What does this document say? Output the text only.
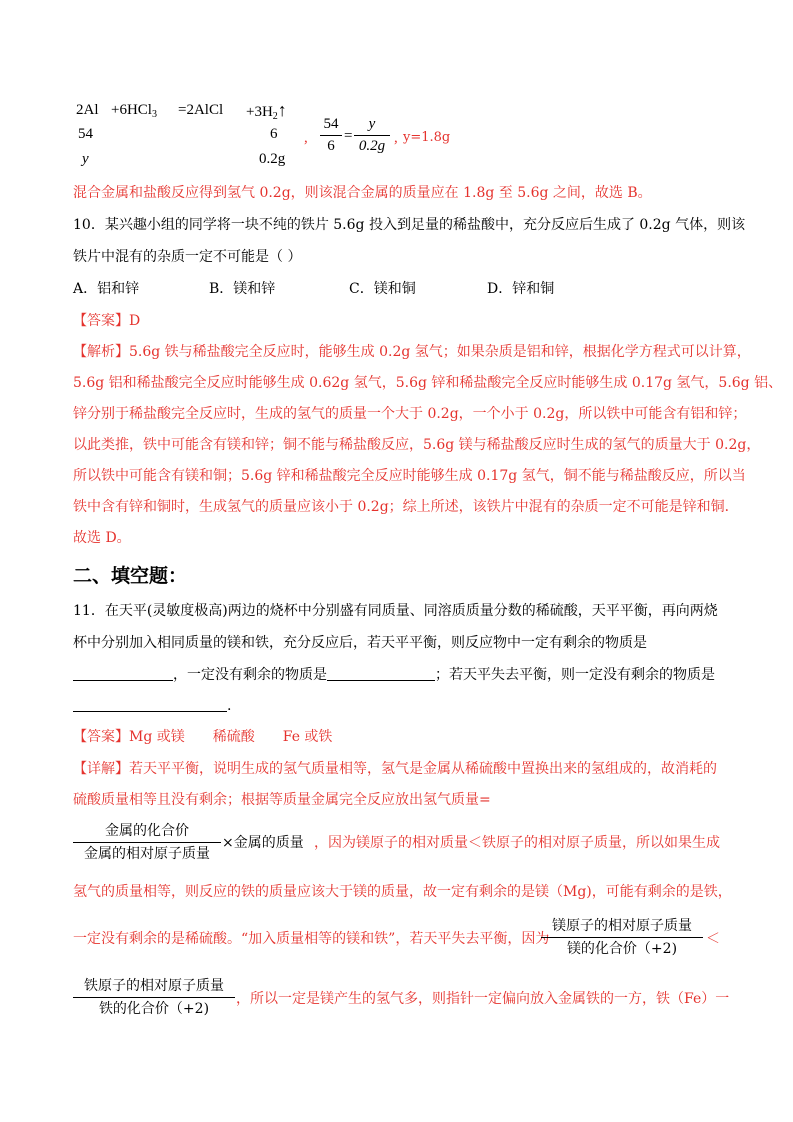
2Al +6HCl$_3$ =2AlCl $+3H_2↑$
54	6
y	0.2g
,
54
6
=
y
0.2g , y=1.8g
混合金属和盐酸反应得到氢气 0.2g，则该混合金属的质量应在 1.8g 至 5.6g 之间，故选 B。
10．某兴趣小组的同学将一块不纯的铁片 5.6g 投入到足量的稀盐酸中，充分反应后生成了 0.2g 气体，则该
铁片中混有的杂质一定不可能是（ ）
A．铝和锌	B．镁和锌	C．镁和铜	D．锌和铜
【答案】D
【解析】5.6g 铁与稀盐酸完全反应时，能够生成 0.2g 氢气；如果杂质是铝和锌，根据化学方程式可以计算，
5.6g 铝和稀盐酸完全反应时能够生成 0.62g 氢气，5.6g 锌和稀盐酸完全反应时能够生成 0.17g 氢气，5.6g 铝、
锌分别于稀盐酸完全反应时，生成的氢气的质量一个大于 0.2g，一个小于 0.2g，所以铁中可能含有铝和锌；
以此类推，铁中可能含有镁和锌；铜不能与稀盐酸反应，5.6g 镁与稀盐酸反应时生成的氢气的质量大于 0.2g，
所以铁中可能含有镁和铜；5.6g 锌和稀盐酸完全反应时能够生成 0.17g 氢气，铜不能与稀盐酸反应，所以当
铁中含有锌和铜时，生成氢气的质量应该小于 0.2g；综上所述，该铁片中混有的杂质一定不可能是锌和铜．
故选 D。
二、填空题：
11．在天平(灵敏度极高)两边的烧杯中分别盛有同质量、同溶质质量分数的稀硫酸，天平平衡，再向两烧
杯中分别加入相同质量的镁和铁，充分反应后，若天平平衡，则反应物中一定有剩余的物质是
，一定没有剩余的物质是	；若天平失去平衡，则一定没有剩余的物质是
.
【答案】Mg 或镁 稀硫酸 Fe 或铁
【详解】若天平平衡，说明生成的氢气质量相等，氢气是金属从稀硫酸中置换出来的氢组成的，故消耗的
硫酸质量相等且没有剩余；根据等质量金属完全反应放出氢气质量=
金属的化合价
金属的相对原子质量
×金属的质量 ，因为镁原子的相对质量＜铁原子的相对原子质量，所以如果生成
氢气的质量相等，则反应的铁的质量应该大于镁的质量，故一定有剩余的是镁（Mg)，可能有剩余的是铁，
一定没有剩余的是稀硫酸。“加入质量相等的镁和铁”，若天平失去平衡，因为
镁原子的相对原子质量
镁的化合价（+2)
＜
铁原子的相对原子质量
铁的化合价（+2)
，所以一定是镁产生的氢气多，则指针一定偏向放入金属铁的一方，铁（Fe）一
